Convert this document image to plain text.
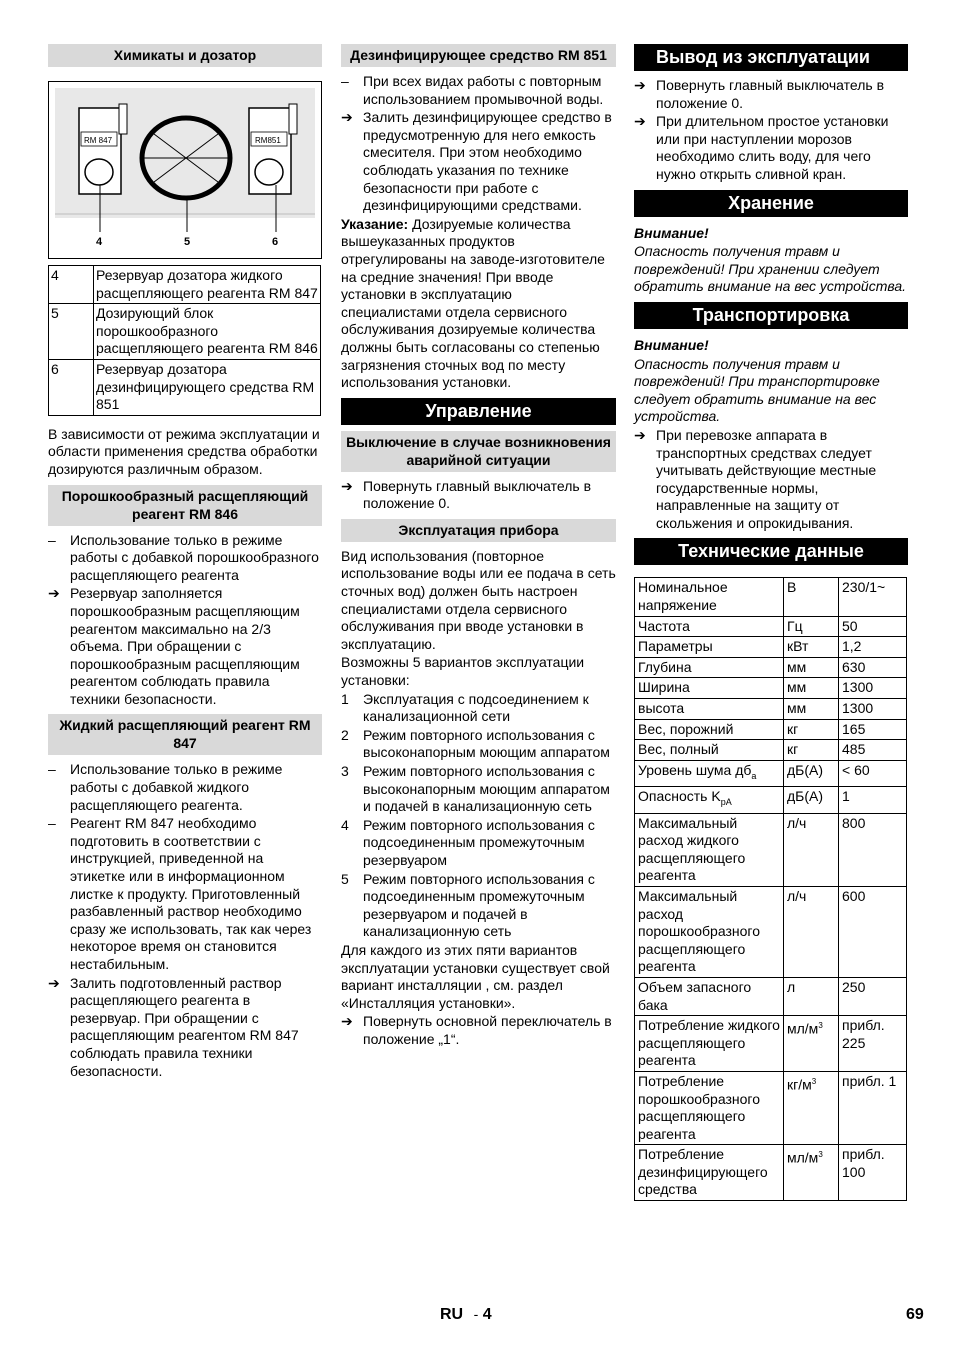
Химикаты и дозатор
RM 847	RM851
4	5	6
4	Резервуар дозатора жидкого расщепляющего реагента RM 847
5	Дозирующий блок порошкообразного расщепляющего реагента RM 846
6	Резервуар дозатора дезинфицирующего средства RM 851

В зависимости от режима эксплуатации и области применения средства обработки дозируются различным образом.

Порошкообразный расщепляющий реагент RM 846
–	Использование только в режиме работы с добавкой порошкообразного расщепляющего реагента
➔ Резервуар заполняется порошкообразным расщепляющим реагентом максимально на 2/3 объема. При обращении с порошкообразным расщепляющим реагентом соблюдать правила техники безопасности.
Жидкий расщепляющий реагент RM 847
–	Использование только в режиме работы с добавкой жидкого расщепляющего реагента.
–	Реагент RM 847 необходимо подготовить в соответствии с инструкцией, приведенной на этикетке или в информационном листке к продукту. Приготовленный разбавленный раствор необходимо сразу же использовать, так как через некоторое время он становится нестабильным.
➔ Залить подготовленный раствор расщепляющего реагента в резервуар. При обращении с расщепляющим реагентом RM 847 соблюдать правила техники безопасности.
Дезинфицирующее средство RM 851
–	При всех видах работы с повторным использованием промывочной воды.
➔ Залить дезинфицирующее средство в предусмотренную для него емкость смесителя. При этом необходимо соблюдать указания по технике безопасности при работе с дезинфицирующими средствами.

Указание: Дозируемые количества вышеуказанных продуктов отрегулированы на заводе-изготовителе на средние значения! При вводе установки в эксплуатацию специалистами отдела сервисного обслуживания дозируемые количества должны быть согласованы со степенью загрязнения сточных вод по месту использования установки.

Управление
Выключение в случае возникновения аварийной ситуации
➔ Повернуть главный выключатель в положение 0.
Эксплуатация прибора

Вид использования (повторное использование воды или ее подача в сеть сточных вод) должен быть настроен специалистами отдела сервисного обслуживания при вводе установки в эксплуатацию.

Возможны 5 вариантов эксплуатации установки:

1	Эксплуатация с подсоединением к канализационной сети
2	Режим повторного использования с высоконапорным моющим аппаратом
3	Режим повторного использования с высоконапорным моющим аппаратом и подачей в канализационную сеть
4	Режим повторного использования с подсоединенным промежуточным резервуаром
5	Режим повторного использования с подсоединенным промежуточным резервуаром и подачей в канализационную сеть

Для каждого из этих пяти вариантов эксплуатации установки существует свой вариант инсталляции , см. раздел «Инсталляция установки».

➔ Повернуть основной переключатель в положение „1“.
Вывод из эксплуатации
➔ Повернуть главный выключатель в положение 0.
➔ При длительном простое установки или при наступлении морозов необходимо слить воду, для чего нужно открыть сливной кран.
Хранение

Внимание!

Опасность получения травм и повреждений! При хранении следует обратить внимание на вес устройства.

Транспортировка

Внимание!

Опасность получения травм и повреждений! При транспортировке следует обратить внимание на вес устройства.

➔ При перевозке аппарата в транспортных средствах следует учитывать действующие местные государственные нормы, направленные на защиту от скольжения и опрокидывания.
Технические данные
Номинальное напряжение	В	230/1~
Частота	Гц	50
Параметры	кВт	1,2
Глубина	мм	630
Ширина	мм	1300
высота	мм	1300
Вес, порожний	кг	165
Вес, полный	кг	485
Уровень шума $дб_a$	дБ(А)	< 60
Опасность $K_{pA}$	дБ(А)	1
Максимальный расход жидкого расщепляющего реагента	л/ч	800
Максимальный расход порошкообразного расщепляющего реагента	л/ч	600
Объем запасного бака	л	250
Потребление жидкого расщепляющего реагента	$мл/м^3$	прибл. 225
Потребление порошкообразного расщепляющего реагента	$кг/м^3$	прибл. 1
Потребление дезинфицирующего средства	$мл/м^3$	прибл. 100
RU - 4	69
